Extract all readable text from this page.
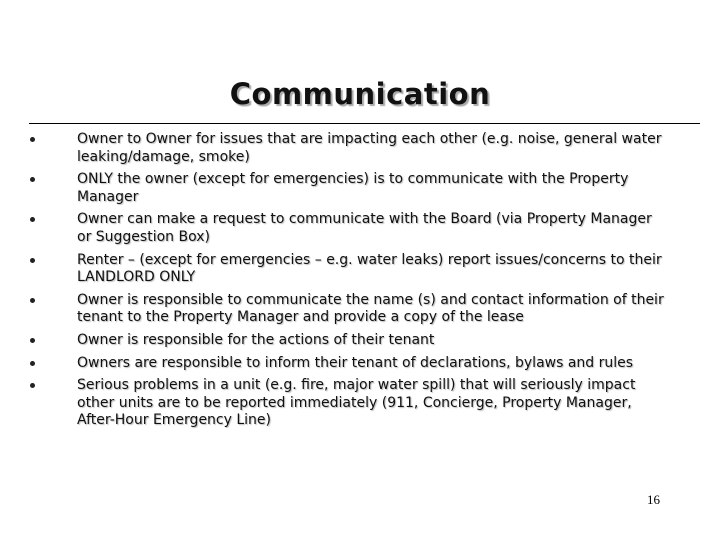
Communication
Owner to Owner for issues that are impacting each other (e.g. noise, general water leaking/damage, smoke)
ONLY the owner (except for emergencies) is to communicate with the Property Manager
Owner can make a request to communicate with the Board (via Property Manager or Suggestion Box)
Renter – (except for emergencies – e.g. water leaks) report issues/concerns to their LANDLORD ONLY
Owner is responsible to communicate the name (s) and contact information of their tenant to the Property Manager and provide a copy of the lease
Owner is responsible for the actions of their tenant
Owners are responsible to inform their tenant of declarations, bylaws and rules
Serious problems in a unit (e.g. fire, major water spill) that will seriously impact other units are to be reported immediately (911, Concierge, Property Manager, After-Hour Emergency Line)
16
